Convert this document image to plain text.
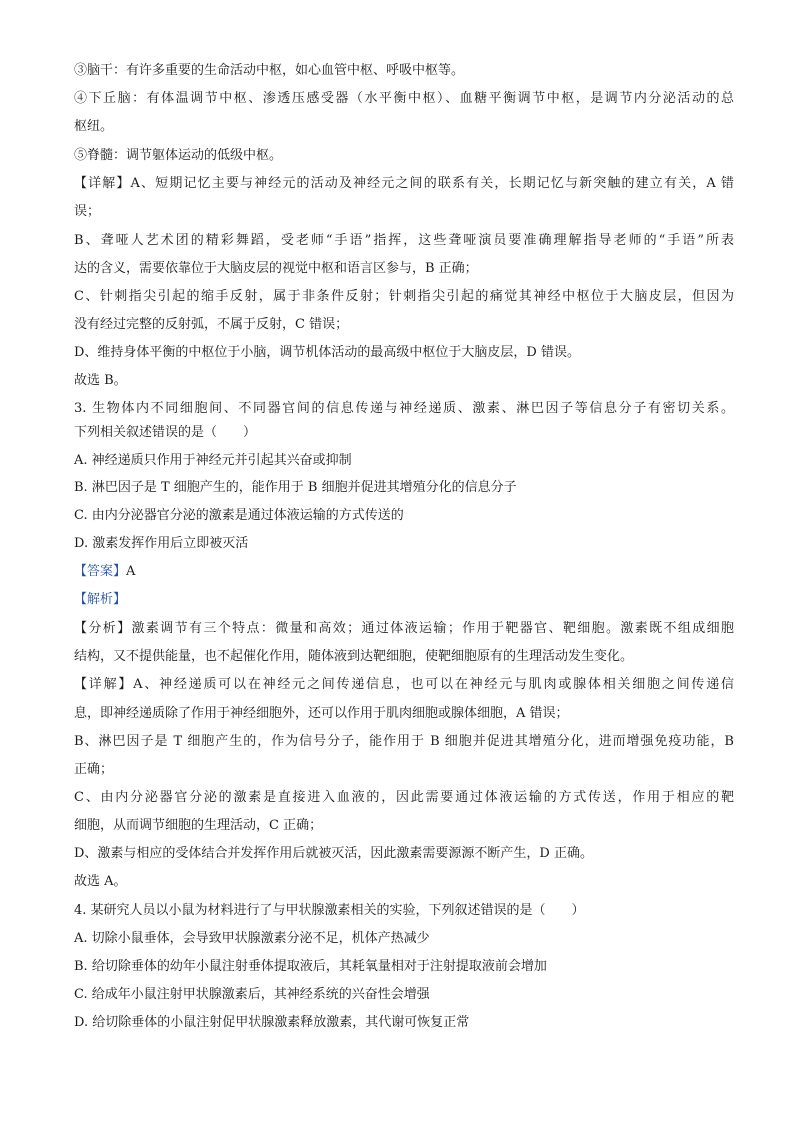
③脑干：有许多重要的生命活动中枢，如心血管中枢、呼吸中枢等。
④下丘脑：有体温调节中枢、渗透压感受器（水平衡中枢）、血糖平衡调节中枢，是调节内分泌活动的总
枢纽。
⑤脊髓：调节躯体运动的低级中枢。
【详解】A、短期记忆主要与神经元的活动及神经元之间的联系有关，长期记忆与新突触的建立有关，A 错
误；
B、聋哑人艺术团的精彩舞蹈，受老师“手语”指挥，这些聋哑演员要准确理解指导老师的“手语”所表
达的含义，需要依靠位于大脑皮层的视觉中枢和语言区参与，B 正确；
C、针刺指尖引起的缩手反射，属于非条件反射；针刺指尖引起的痛觉其神经中枢位于大脑皮层，但因为
没有经过完整的反射弧，不属于反射，C 错误；
D、维持身体平衡的中枢位于小脑，调节机体活动的最高级中枢位于大脑皮层，D 错误。
故选 B。
3. 生物体内不同细胞间、不同器官间的信息传递与神经递质、激素、淋巴因子等信息分子有密切关系。
下列相关叙述错误的是（　　）
A. 神经递质只作用于神经元并引起其兴奋或抑制
B. 淋巴因子是 T 细胞产生的，能作用于 B 细胞并促进其增殖分化的信息分子
C. 由内分泌器官分泌的激素是通过体液运输的方式传送的
D. 激素发挥作用后立即被灭活
【答案】A
【解析】
【分析】激素调节有三个特点：微量和高效；通过体液运输；作用于靶器官、靶细胞。激素既不组成细胞
结构，又不提供能量，也不起催化作用，随体液到达靶细胞，使靶细胞原有的生理活动发生变化。
【详解】A、神经递质可以在神经元之间传递信息，也可以在神经元与肌肉或腺体相关细胞之间传递信
息，即神经递质除了作用于神经细胞外，还可以作用于肌肉细胞或腺体细胞，A 错误；
B、淋巴因子是 T 细胞产生的，作为信号分子，能作用于 B 细胞并促进其增殖分化，进而增强免疫功能，B
正确；
C、由内分泌器官分泌的激素是直接进入血液的，因此需要通过体液运输的方式传送，作用于相应的靶
细胞，从而调节细胞的生理活动，C 正确；
D、激素与相应的受体结合并发挥作用后就被灭活，因此激素需要源源不断产生，D 正确。
故选 A。
4. 某研究人员以小鼠为材料进行了与甲状腺激素相关的实验，下列叙述错误的是（　　）
A. 切除小鼠垂体，会导致甲状腺激素分泌不足，机体产热减少
B. 给切除垂体的幼年小鼠注射垂体提取液后，其耗氧量相对于注射提取液前会增加
C. 给成年小鼠注射甲状腺激素后，其神经系统的兴奋性会增强
D. 给切除垂体的小鼠注射促甲状腺激素释放激素，其代谢可恢复正常
